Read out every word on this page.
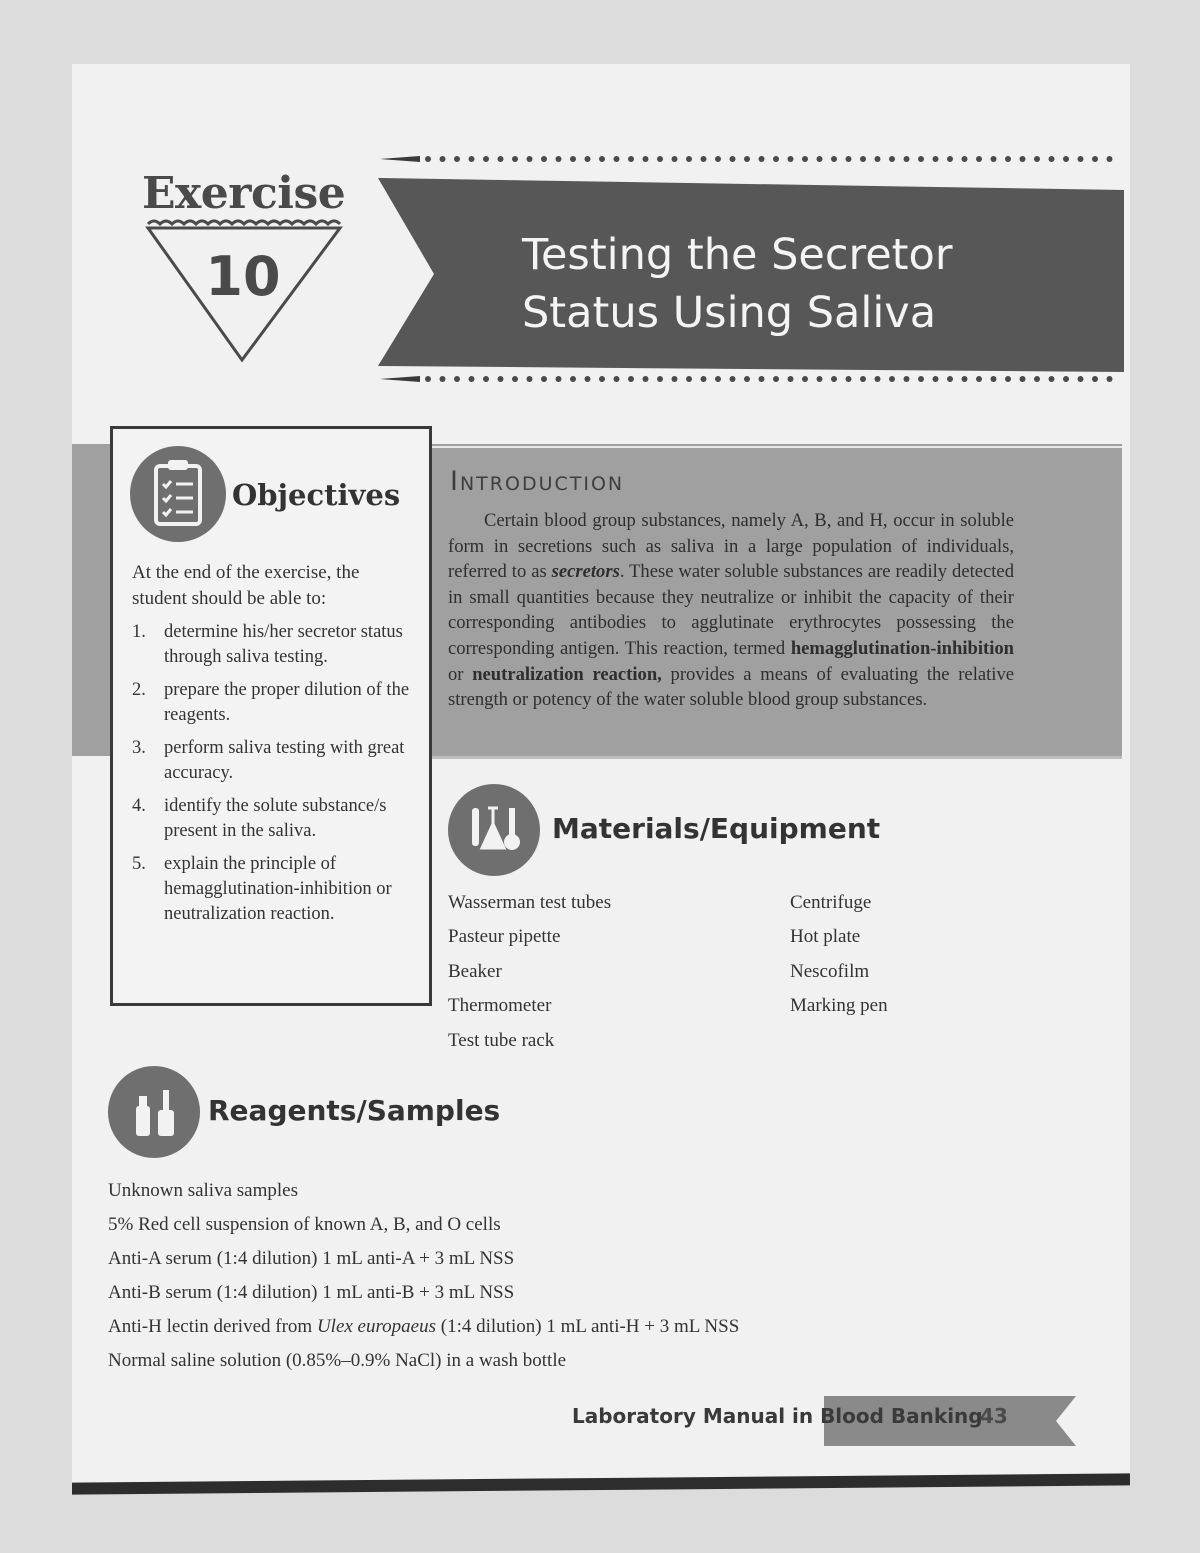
Exercise
10	Testing the Secretor
Status Using Saliva
Introduction
Certain blood group substances, namely A, B, and H, occur in soluble form in secretions such as saliva in a large population of individuals, referred to as secretors. These water soluble substances are readily detected in small quantities because they neutralize or inhibit the capacity of their corresponding antibodies to agglutinate erythrocytes possessing the corresponding antigen. This reaction, termed hemagglutination-inhibition or neutralization reaction, provides a means of evaluating the relative strength or potency of the water soluble blood group substances.
Objectives
At the end of the exercise, the student should be able to:
1. determine his/her secretor status through saliva testing.
2. prepare the proper dilution of the reagents.
3. perform saliva testing with great accuracy.
4. identify the solute substance/s present in the saliva.
5. explain the principle of hemagglutination-inhibition or neutralization reaction.
Materials/Equipment
Wasserman test tubes
Pasteur pipette
Beaker
Thermometer
Test tube rack
Centrifuge
Hot plate
Nescofilm
Marking pen
Reagents/Samples
Unknown saliva samples
5% Red cell suspension of known A, B, and O cells
Anti-A serum (1:4 dilution) 1 mL anti-A + 3 mL NSS
Anti-B serum (1:4 dilution) 1 mL anti-B + 3 mL NSS
Anti-H lectin derived from Ulex europaeus (1:4 dilution) 1 mL anti-H + 3 mL NSS
Normal saline solution (0.85%–0.9% NaCl) in a wash bottle
Laboratory Manual in Blood Banking
43
